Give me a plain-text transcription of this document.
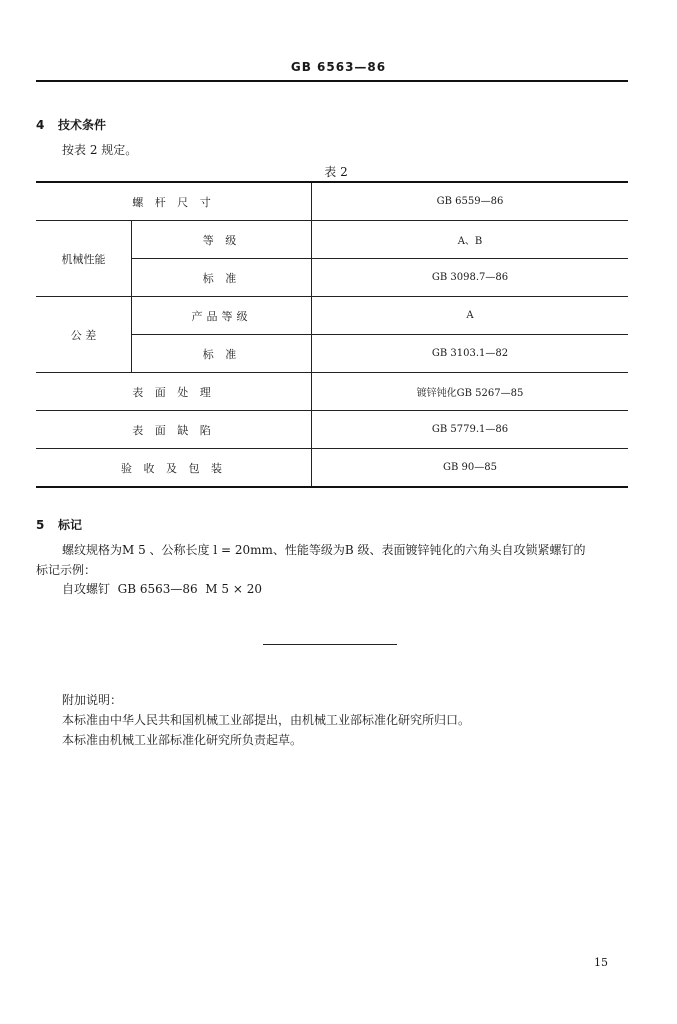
GB 6563—86
4 技术条件
按表 2 规定。
表 2
螺 杆 尺 寸		GB 6559—86
机械性能	等 级	A、B
	标 准	GB 3098.7—86
公 差	产品等级	A
	标 准	GB 3103.1—82
表 面 处 理		镀锌钝化GB 5267—85
表 面 缺 陷		GB 5779.1—86
验 收 及 包 装		GB 90—85
5 标记
螺纹规格为M 5 、公称长度 l = 20mm、性能等级为B 级、表面镀锌钝化的六角头自攻锁紧螺钉的
标记示例：
自攻螺钉  GB 6563—86  M 5 × 20
附加说明：
本标准由中华人民共和国机械工业部提出，由机械工业部标准化研究所归口。
本标准由机械工业部标准化研究所负责起草。
15
